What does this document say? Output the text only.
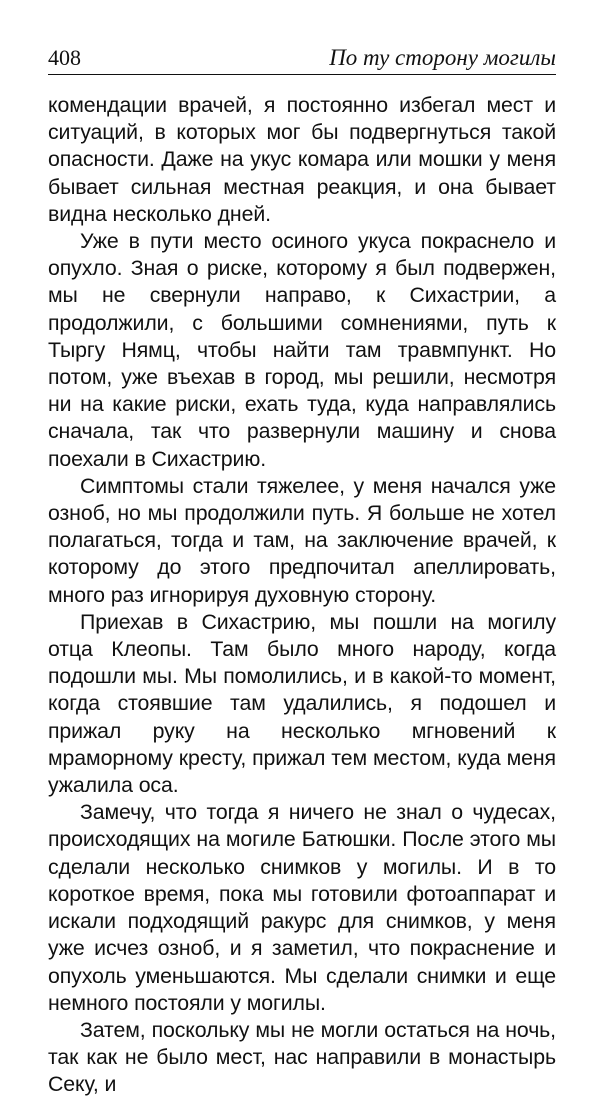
408	По ту сторону могилы

комендации врачей, я постоянно избегал мест и ситуаций, в которых мог бы подвергнуться такой опасности. Даже на укус комара или мошки у меня бывает сильная местная реакция, и она бывает видна несколько дней.

Уже в пути место осиного укуса покраснело и опухло. Зная о риске, которому я был подвержен, мы не свернули направо, к Сихастрии, а продолжили, с большими сомнениями, путь к Тыргу Нямц, чтобы найти там травмпункт. Но потом, уже въехав в город, мы решили, несмотря ни на какие риски, ехать туда, куда направлялись сначала, так что развернули машину и снова поехали в Сихастрию.

Симптомы стали тяжелее, у меня начался уже озноб, но мы продолжили путь. Я больше не хотел полагаться, тогда и там, на заключение врачей, к которому до этого предпочитал апеллировать, много раз игнорируя духовную сторону.

Приехав в Сихастрию, мы пошли на могилу отца Клеопы. Там было много народу, когда подошли мы. Мы помолились, и в какой-то момент, когда стоявшие там удалились, я подошел и прижал руку на несколько мгновений к мраморному кресту, прижал тем местом, куда меня ужалила оса.

Замечу, что тогда я ничего не знал о чудесах, происходящих на могиле Батюшки. После этого мы сделали несколько снимков у могилы. И в то короткое время, пока мы готовили фотоаппарат и искали подходящий ракурс для снимков, у меня уже исчез озноб, и я заметил, что покраснение и опухоль уменьшаются. Мы сделали снимки и еще немного постояли у могилы.

Затем, поскольку мы не могли остаться на ночь, так как не было мест, нас направили в монастырь Секу, и
